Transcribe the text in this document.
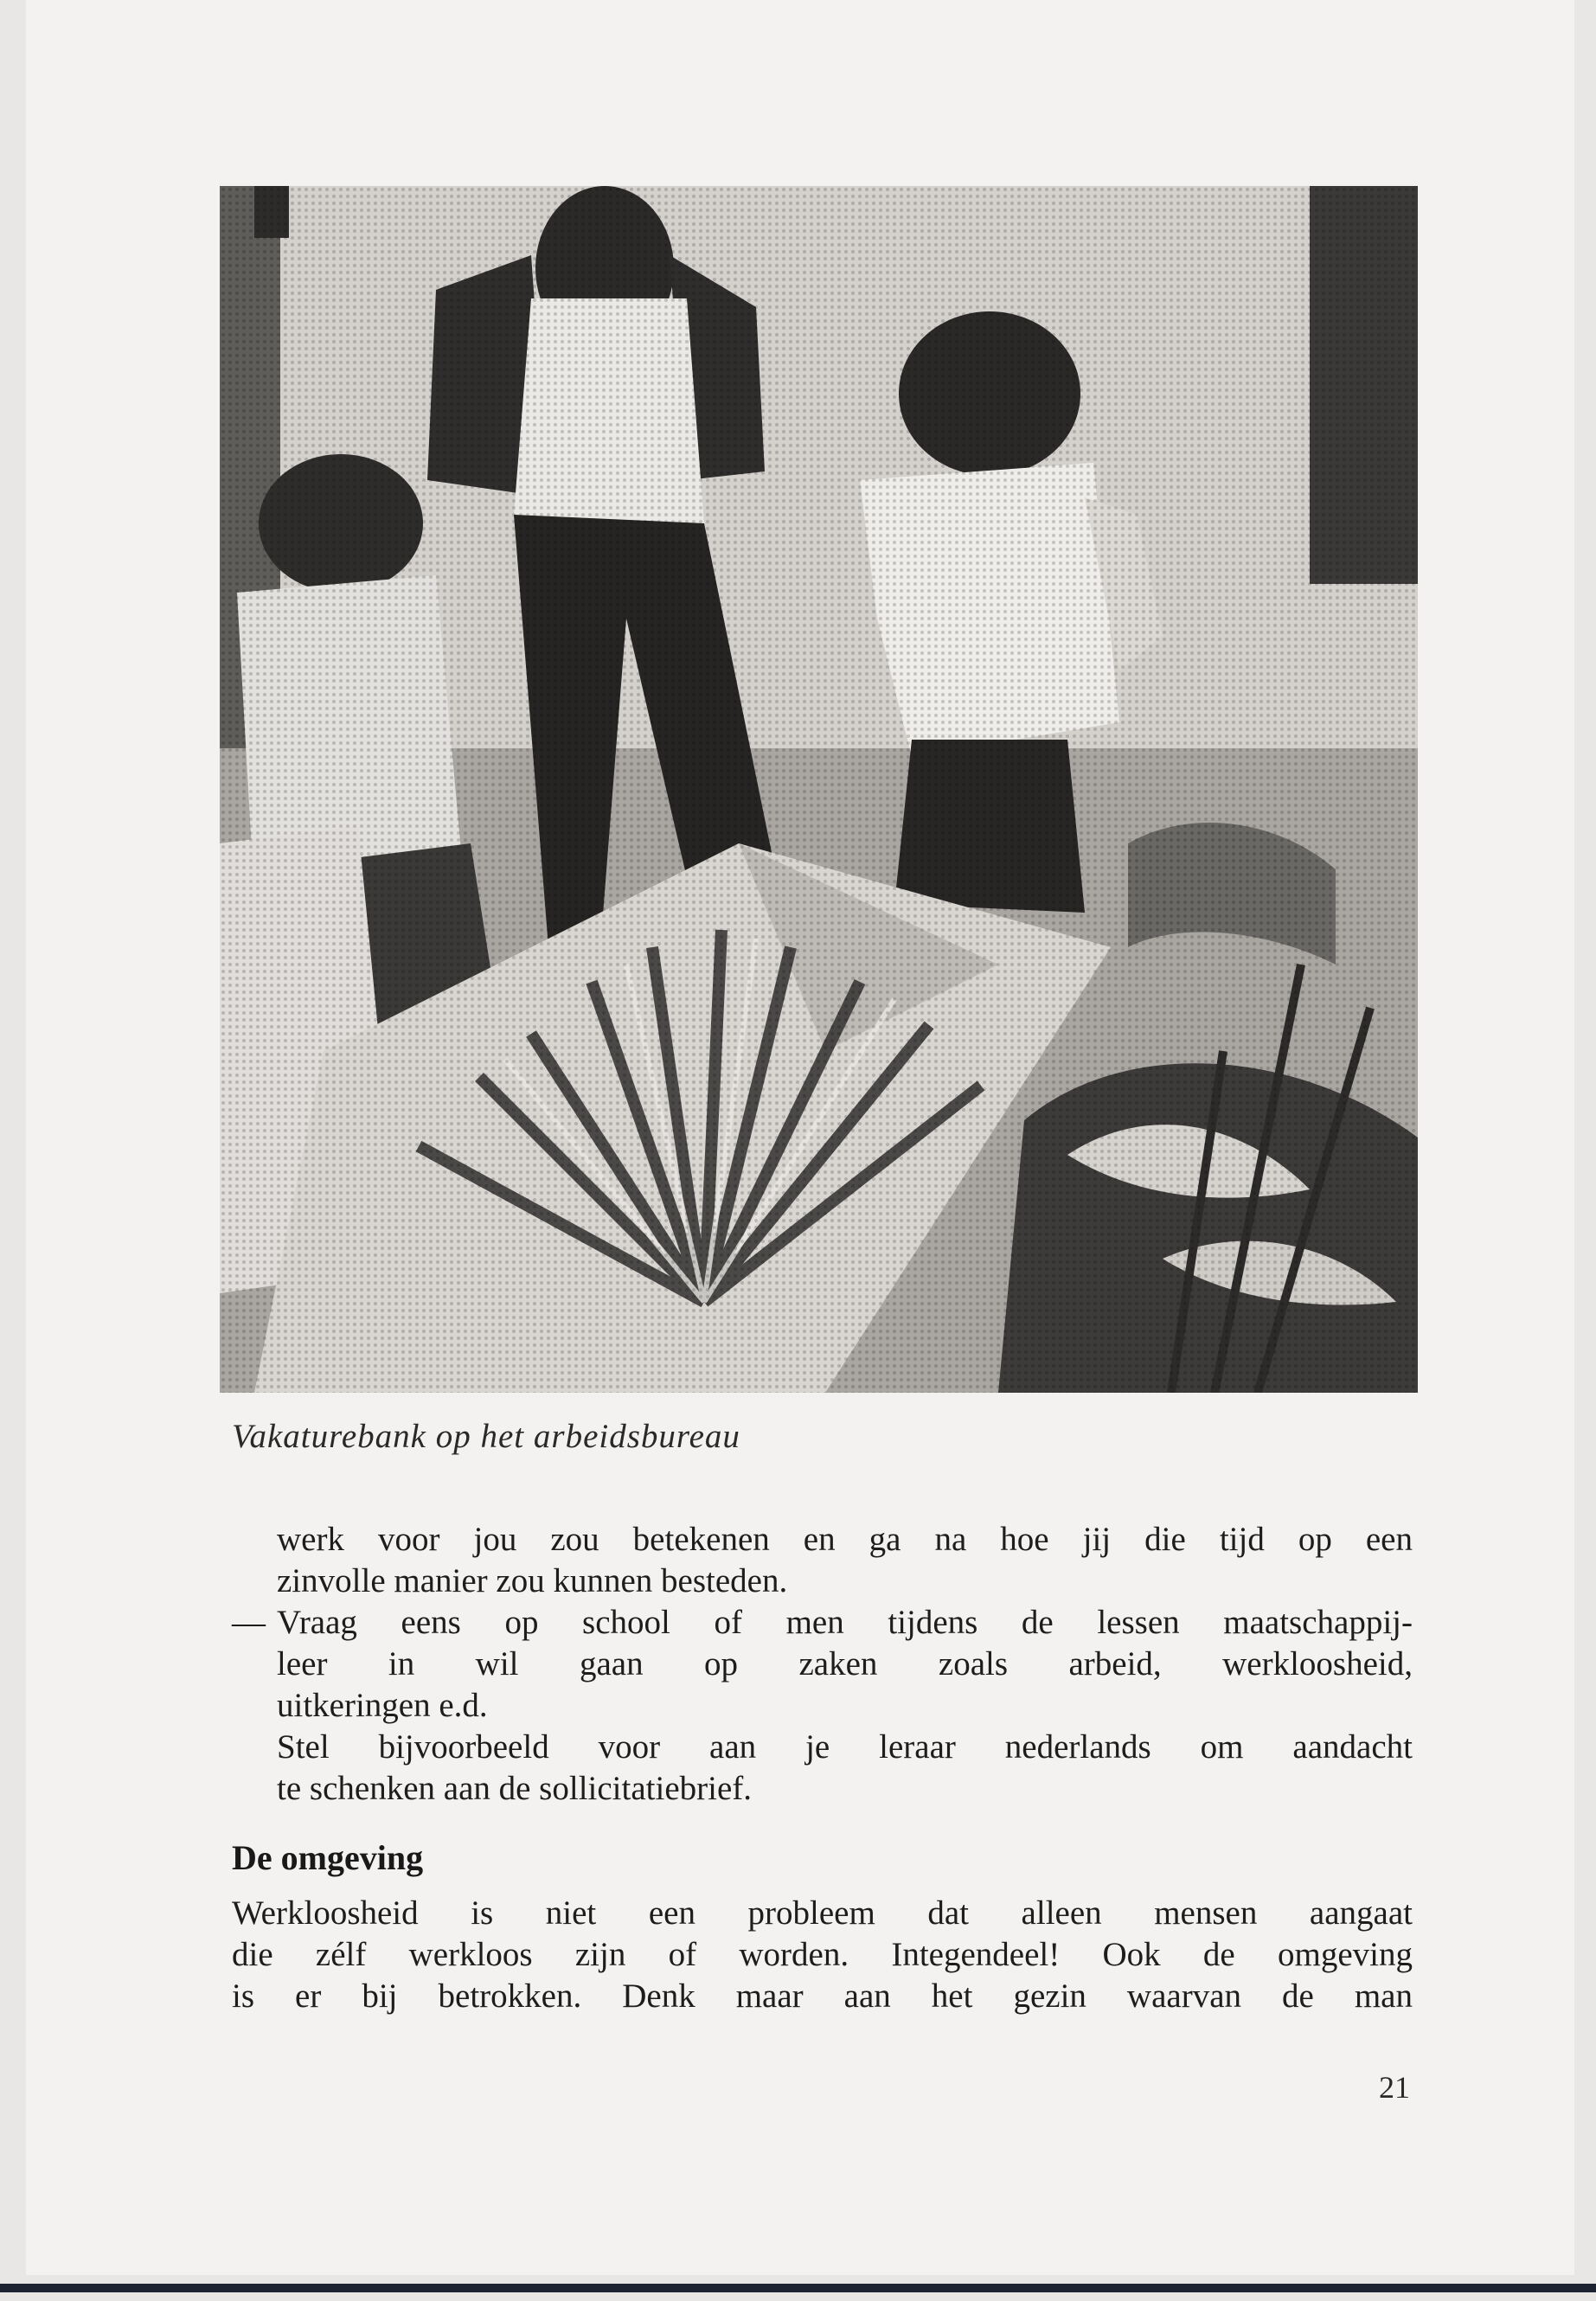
Vakaturebank op het arbeidsbureau
werk voor jou zou betekenen en ga na hoe jij die tijd op een
zinvolle manier zou kunnen besteden.
— Vraag eens op school of men tijdens de lessen maatschappij-
leer in wil gaan op zaken zoals arbeid, werkloosheid,
uitkeringen e.d.
Stel bijvoorbeeld voor aan je leraar nederlands om aandacht
te schenken aan de sollicitatiebrief.
De omgeving
Werkloosheid is niet een probleem dat alleen mensen aangaat
die zélf werkloos zijn of worden. Integendeel! Ook de omgeving
is er bij betrokken. Denk maar aan het gezin waarvan de man
21
